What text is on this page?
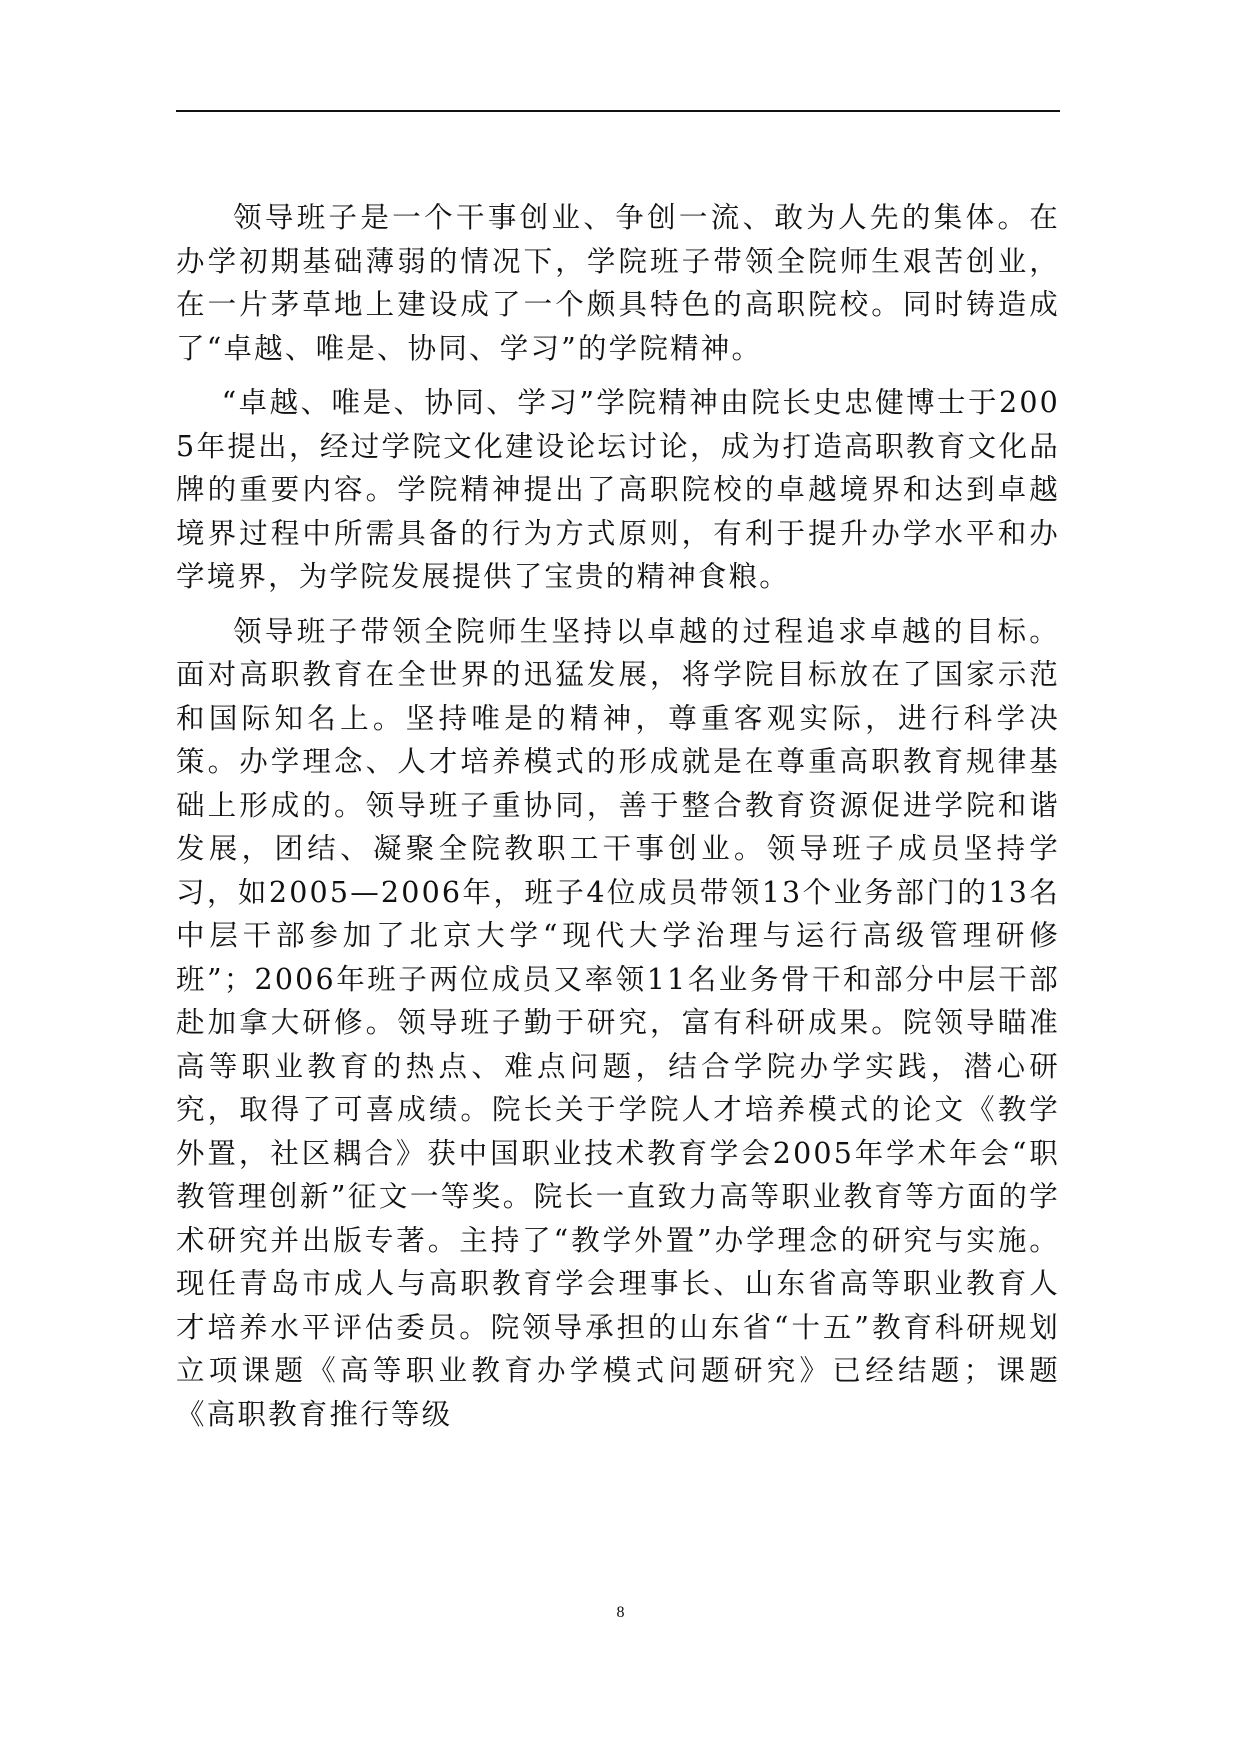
领导班子是一个干事创业、争创一流、敢为人先的集体。在办学初期基础薄弱的情况下，学院班子带领全院师生艰苦创业，在一片茅草地上建设成了一个颇具特色的高职院校。同时铸造成了“卓越、唯是、协同、学习”的学院精神。

“卓越、唯是、协同、学习”学院精神由院长史忠健博士于2005年提出，经过学院文化建设论坛讨论，成为打造高职教育文化品牌的重要内容。学院精神提出了高职院校的卓越境界和达到卓越境界过程中所需具备的行为方式原则，有利于提升办学水平和办学境界，为学院发展提供了宝贵的精神食粮。

领导班子带领全院师生坚持以卓越的过程追求卓越的目标。面对高职教育在全世界的迅猛发展，将学院目标放在了国家示范和国际知名上。坚持唯是的精神，尊重客观实际，进行科学决策。办学理念、人才培养模式的形成就是在尊重高职教育规律基础上形成的。领导班子重协同，善于整合教育资源促进学院和谐发展，团结、凝聚全院教职工干事创业。领导班子成员坚持学习，如2005—2006年，班子4位成员带领13个业务部门的13名中层干部参加了北京大学“现代大学治理与运行高级管理研修班”；2006年班子两位成员又率领11名业务骨干和部分中层干部赴加拿大研修。领导班子勤于研究，富有科研成果。院领导瞄准高等职业教育的热点、难点问题，结合学院办学实践，潜心研究，取得了可喜成绩。院长关于学院人才培养模式的论文《教学外置，社区耦合》获中国职业技术教育学会2005年学术年会“职教管理创新”征文一等奖。院长一直致力高等职业教育等方面的学术研究并出版专著。主持了“教学外置”办学理念的研究与实施。现任青岛市成人与高职教育学会理事长、山东省高等职业教育人才培养水平评估委员。院领导承担的山东省“十五”教育科研规划立项课题《高等职业教育办学模式问题研究》已经结题；课题《高职教育推行等级

8
